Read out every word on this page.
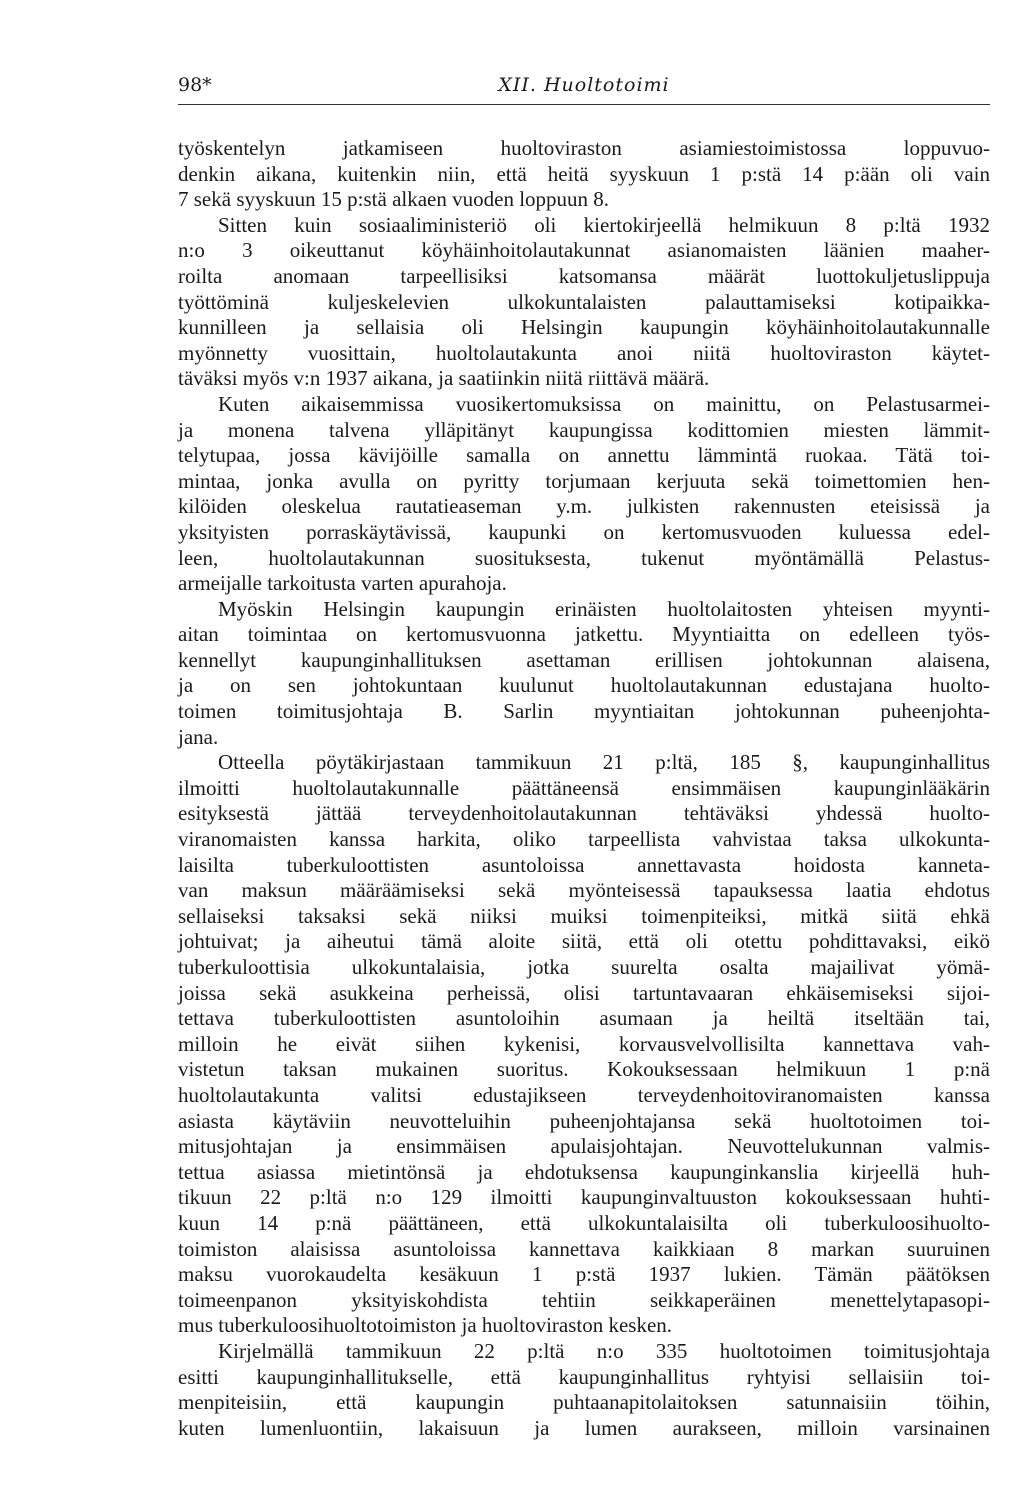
98*	XII. Huoltotoimi
työskentelyn jatkamiseen huoltoviraston asiamiestoimistossa loppuvuo-
denkin aikana, kuitenkin niin, että heitä syyskuun 1 p:stä 14 p:ään oli vain
7 sekä syyskuun 15 p:stä alkaen vuoden loppuun 8.
Sitten kuin sosiaaliministeriö oli kiertokirjeellä helmikuun 8 p:ltä 1932
n:o 3 oikeuttanut köyhäinhoitolautakunnat asianomaisten läänien maaher-
roilta anomaan tarpeellisiksi katsomansa määrät luottokuljetuslippuja
työttöminä kuljeskelevien ulkokuntalaisten palauttamiseksi kotipaikka-
kunnilleen ja sellaisia oli Helsingin kaupungin köyhäinhoitolautakunnalle
myönnetty vuosittain, huoltolautakunta anoi niitä huoltoviraston käytet-
täväksi myös v:n 1937 aikana, ja saatiinkin niitä riittävä määrä.
Kuten aikaisemmissa vuosikertomuksissa on mainittu, on Pelastusarmei-
ja monena talvena ylläpitänyt kaupungissa kodittomien miesten lämmit-
telytupaa, jossa kävijöille samalla on annettu lämmintä ruokaa. Tätä toi-
mintaa, jonka avulla on pyritty torjumaan kerjuuta sekä toimettomien hen-
kilöiden oleskelua rautatieaseman y.m. julkisten rakennusten eteisissä ja
yksityisten porraskäytävissä, kaupunki on kertomusvuoden kuluessa edel-
leen, huoltolautakunnan suosituksesta, tukenut myöntämällä Pelastus-
armeijalle tarkoitusta varten apurahoja.
Myöskin Helsingin kaupungin erinäisten huoltolaitosten yhteisen myynti-
aitan toimintaa on kertomusvuonna jatkettu. Myyntiaitta on edelleen työs-
kennellyt kaupunginhallituksen asettaman erillisen johtokunnan alaisena,
ja on sen johtokuntaan kuulunut huoltolautakunnan edustajana huolto-
toimen toimitusjohtaja B. Sarlin myyntiaitan johtokunnan puheenjohta-
jana.
Otteella pöytäkirjastaan tammikuun 21 p:ltä, 185 §, kaupunginhallitus
ilmoitti huoltolautakunnalle päättäneensä ensimmäisen kaupunginlääkärin
esityksestä jättää terveydenhoitolautakunnan tehtäväksi yhdessä huolto-
viranomaisten kanssa harkita, oliko tarpeellista vahvistaa taksa ulkokunta-
laisilta tuberkuloottisten asuntoloissa annettavasta hoidosta kanneta-
van maksun määräämiseksi sekä myönteisessä tapauksessa laatia ehdotus
sellaiseksi taksaksi sekä niiksi muiksi toimenpiteiksi, mitkä siitä ehkä
johtuivat; ja aiheutui tämä aloite siitä, että oli otettu pohdittavaksi, eikö
tuberkuloottisia ulkokuntalaisia, jotka suurelta osalta majailivat yömä-
joissa sekä asukkeina perheissä, olisi tartuntavaaran ehkäisemiseksi sijoi-
tettava tuberkuloottisten asuntoloihin asumaan ja heiltä itseltään tai,
milloin he eivät siihen kykenisi, korvausvelvollisilta kannettava vah-
vistetun taksan mukainen suoritus. Kokouksessaan helmikuun 1 p:nä
huoltolautakunta valitsi edustajikseen terveydenhoitoviranomaisten kanssa
asiasta käytäviin neuvotteluihin puheenjohtajansa sekä huoltotoimen toi-
mitusjohtajan ja ensimmäisen apulaisjohtajan. Neuvottelukunnan valmis-
tettua asiassa mietintönsä ja ehdotuksensa kaupunginkanslia kirjeellä huh-
tikuun 22 p:ltä n:o 129 ilmoitti kaupunginvaltuuston kokouksessaan huhti-
kuun 14 p:nä päättäneen, että ulkokuntalaisilta oli tuberkuloosihuolto-
toimiston alaisissa asuntoloissa kannettava kaikkiaan 8 markan suuruinen
maksu vuorokaudelta kesäkuun 1 p:stä 1937 lukien. Tämän päätöksen
toimeenpanon yksityiskohdista tehtiin seikkaperäinen menettelytapasopi-
mus tuberkuloosihuoltotoimiston ja huoltoviraston kesken.
Kirjelmällä tammikuun 22 p:ltä n:o 335 huoltotoimen toimitusjohtaja
esitti kaupunginhallitukselle, että kaupunginhallitus ryhtyisi sellaisiin toi-
menpiteisiin, että kaupungin puhtaanapitolaitoksen satunnaisiin töihin,
kuten lumenluontiin, lakaisuun ja lumen aurakseen, milloin varsinainen
